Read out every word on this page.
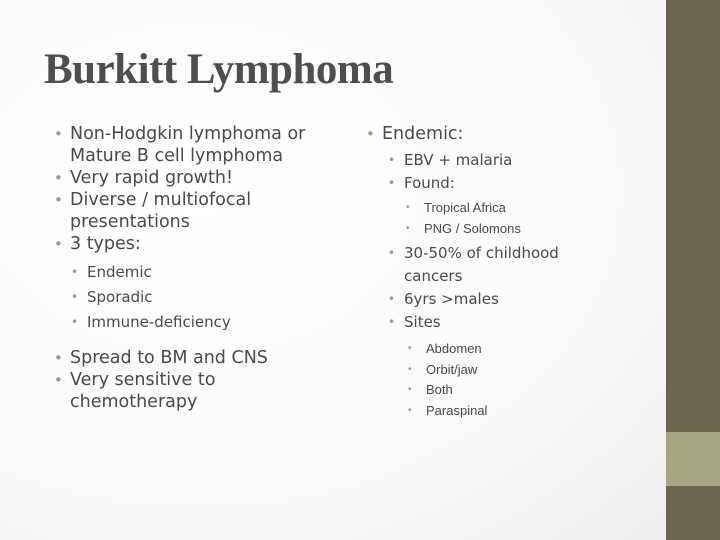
Burkitt Lymphoma
• Non-Hodgkin lymphoma or Mature B cell lymphoma
• Very rapid growth!
• Diverse / multiofocal presentations
• 3 types:
• Endemic
• Sporadic
• Immune-deficiency
• Spread to BM and CNS
• Very sensitive to chemotherapy
• Endemic:
• EBV + malaria
• Found:
• Tropical Africa
• PNG / Solomons
• 30-50% of childhood cancers
• 6yrs >males
• Sites
• Abdomen
• Orbit/jaw
• Both
• Paraspinal
